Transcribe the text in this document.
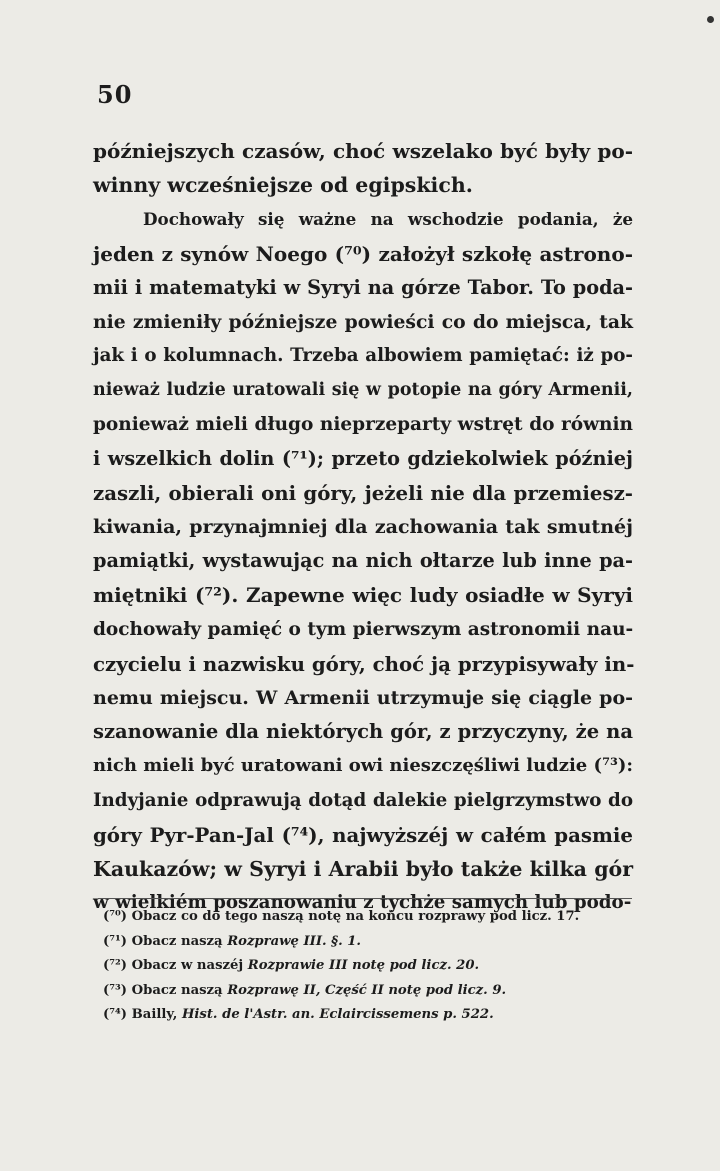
50
późniejszych czasów, choć wszelako być były po-
winny wcześniejsze od egipskich.
Dochowały się ważne na wschodzie podania, że
jeden z synów Noego (⁷⁰) założył szkołę astrono-
mii i matematyki w Syryi na górze Tabor. To poda-
nie zmieniły późniejsze powieści co do miejsca, tak
jak i o kolumnach. Trzeba albowiem pamiętać: iż po-
nieważ ludzie uratowali się w potopie na góry Armenii,
ponieważ mieli długo nieprzeparty wstręt do równin
i wszelkich dolin (⁷¹); przeto gdziekolwiek później
zaszli, obierali oni góry, jeżeli nie dla przemiesz-
kiwania, przynajmniej dla zachowania tak smutnéj
pamiątki, wystawując na nich ołtarze lub inne pa-
miętniki (⁷²). Zapewne więc ludy osiadłe w Syryi
dochowały pamięć o tym pierwszym astronomii nau-
czycielu i nazwisku góry, choć ją przypisywały in-
nemu miejscu. W Armenii utrzymuje się ciągle po-
szanowanie dla niektórych gór, z przyczyny, że na
nich mieli być uratowani owi nieszczęśliwi ludzie (⁷³):
Indyjanie odprawują dotąd dalekie pielgrzymstwo do
góry Pyr-Pan-Jal (⁷⁴), najwyższéj w całém pasmie
Kaukazów; w Syryi i Arabii było także kilka gór
w wielkiém poszanowaniu z tychże samych lub podo-
(⁷⁰) Obacz co do tego naszą notę na końcu rozprawy pod licz. 17.
(⁷¹) Obacz naszą Rozprawę III. §. 1.
(⁷²) Obacz w naszéj Rozprawie III notę pod licz. 20.
(⁷³) Obacz naszą Rozprawę II, Część II notę pod licz. 9.
(⁷⁴) Bailly, Hist. de l'Astr. an. Eclaircissemens p. 522.
